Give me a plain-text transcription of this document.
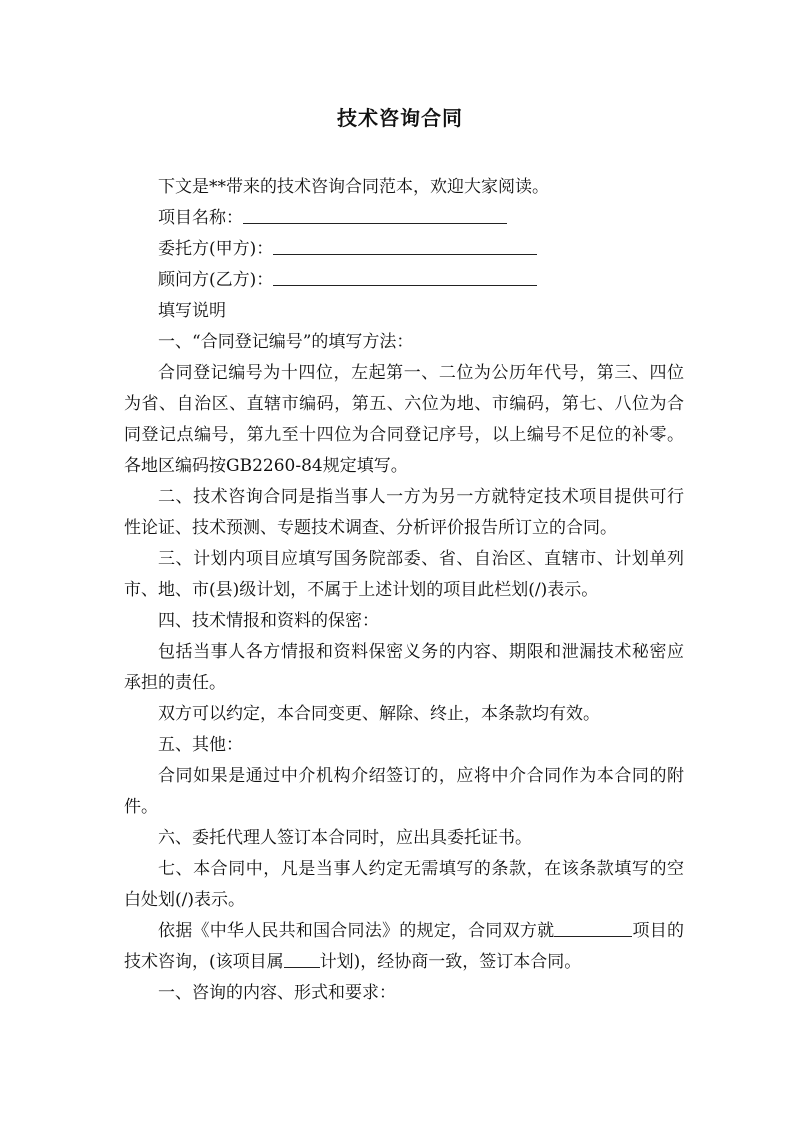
技术咨询合同

下文是**带来的技术咨询合同范本，欢迎大家阅读。

项目名称：
委托方(甲方)：
顾问方(乙方)：

填写说明

一、“合同登记编号”的填写方法：

合同登记编号为十四位，左起第一、二位为公历年代号，第三、四位为省、自治区、直辖市编码，第五、六位为地、市编码，第七、八位为合同登记点编号，第九至十四位为合同登记序号，以上编号不足位的补零。各地区编码按GB2260-84规定填写。

二、技术咨询合同是指当事人一方为另一方就特定技术项目提供可行性论证、技术预测、专题技术调查、分析评价报告所订立的合同。

三、计划内项目应填写国务院部委、省、自治区、直辖市、计划单列市、地、市(县)级计划，不属于上述计划的项目此栏划(/)表示。

四、技术情报和资料的保密：

包括当事人各方情报和资料保密义务的内容、期限和泄漏技术秘密应承担的责任。

双方可以约定，本合同变更、解除、终止，本条款均有效。

五、其他：

合同如果是通过中介机构介绍签订的，应将中介合同作为本合同的附件。

六、委托代理人签订本合同时，应出具委托证书。

七、本合同中，凡是当事人约定无需填写的条款，在该条款填写的空白处划(/)表示。

依据《中华人民共和国合同法》的规定，合同双方就	项目的技术咨询，(该项目属 计划)，经协商一致，签订本合同。

一、咨询的内容、形式和要求：
